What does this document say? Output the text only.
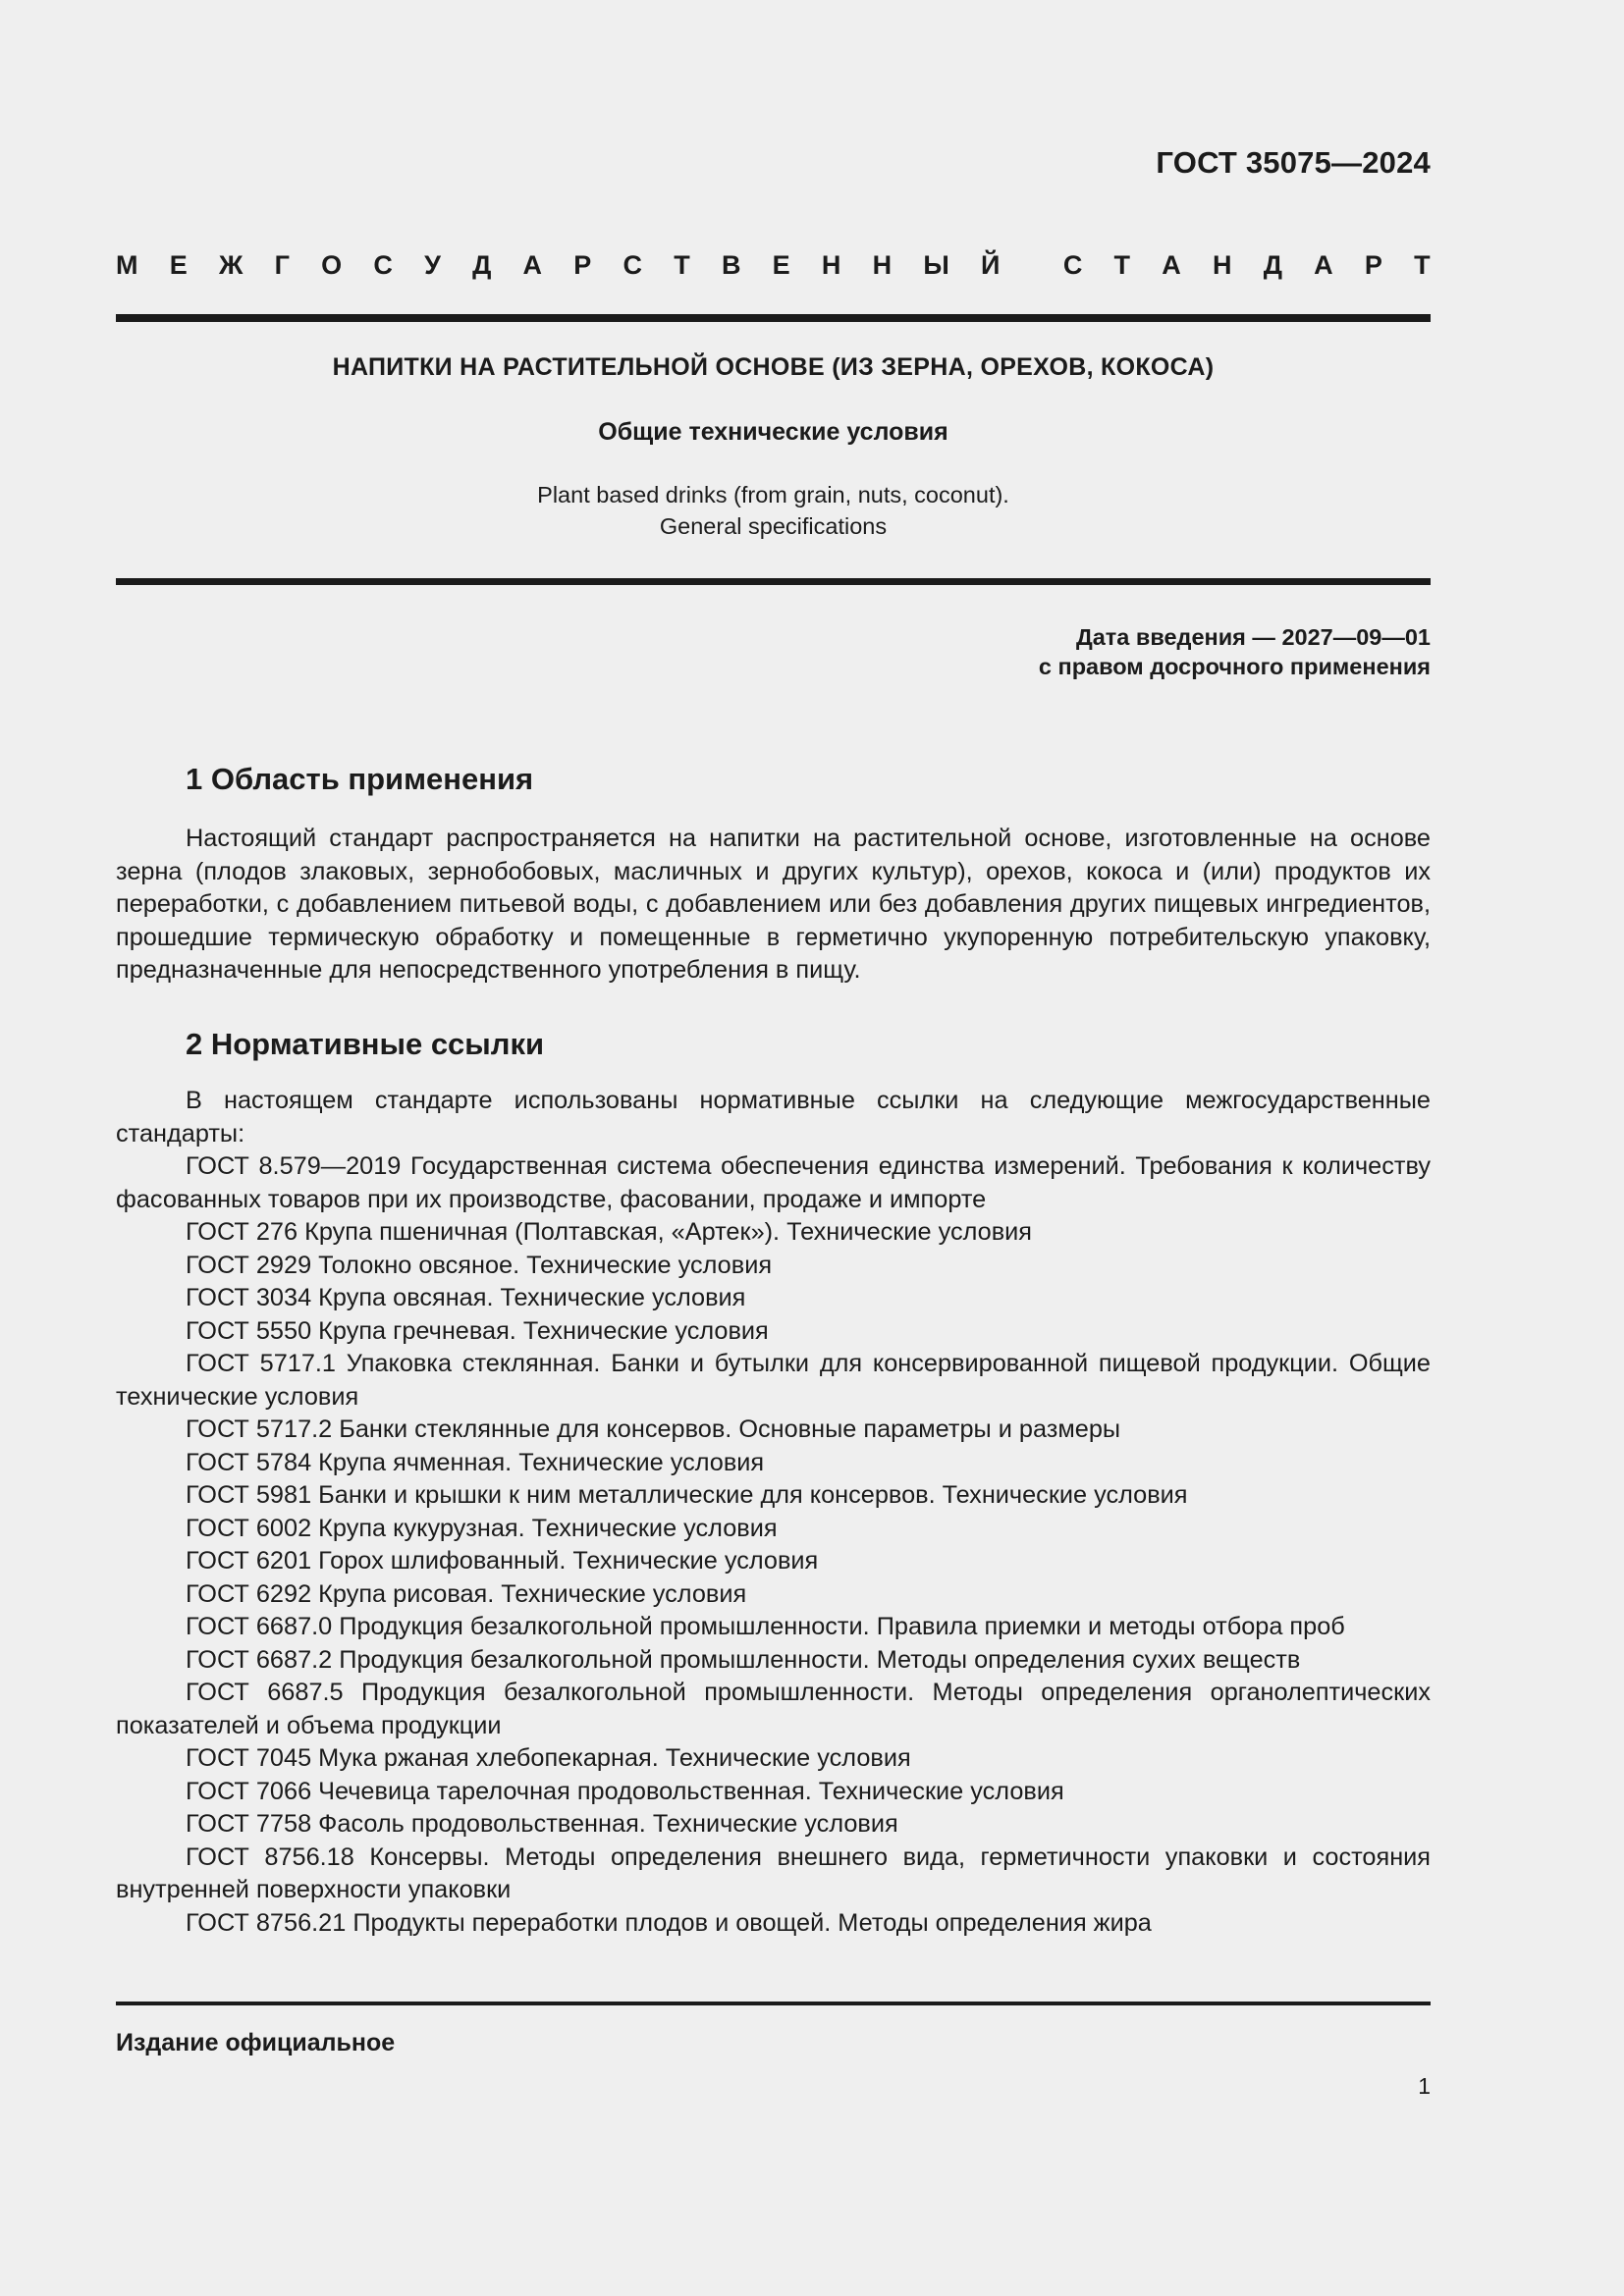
ГОСТ 35075—2024
М Е Ж Г О С У Д А Р С Т В Е Н Н Ы Й С Т А Н Д А Р Т
НАПИТКИ НА РАСТИТЕЛЬНОЙ ОСНОВЕ (ИЗ ЗЕРНА, ОРЕХОВ, КОКОСА)
Общие технические условия
Plant based drinks (from grain, nuts, coconut).
General specifications
Дата введения — 2027—09—01
с правом досрочного применения
1 Область применения
Настоящий стандарт распространяется на напитки на растительной основе, изготовленные на основе зерна (плодов злаковых, зернобобовых, масличных и других культур), орехов, кокоса и (или) продуктов их переработки, с добавлением питьевой воды, с добавлением или без добавления других пищевых ингредиентов, прошедшие термическую обработку и помещенные в герметично укупоренную потребительскую упаковку, предназначенные для непосредственного употребления в пищу.
2 Нормативные ссылки
В настоящем стандарте использованы нормативные ссылки на следующие межгосударственные стандарты:
ГОСТ 8.579—2019 Государственная система обеспечения единства измерений. Требования к количеству фасованных товаров при их производстве, фасовании, продаже и импорте
ГОСТ 276 Крупа пшеничная (Полтавская, «Артек»). Технические условия
ГОСТ 2929 Толокно овсяное. Технические условия
ГОСТ 3034 Крупа овсяная. Технические условия
ГОСТ 5550 Крупа гречневая. Технические условия
ГОСТ 5717.1 Упаковка стеклянная. Банки и бутылки для консервированной пищевой продукции. Общие технические условия
ГОСТ 5717.2 Банки стеклянные для консервов. Основные параметры и размеры
ГОСТ 5784 Крупа ячменная. Технические условия
ГОСТ 5981 Банки и крышки к ним металлические для консервов. Технические условия
ГОСТ 6002 Крупа кукурузная. Технические условия
ГОСТ 6201 Горох шлифованный. Технические условия
ГОСТ 6292 Крупа рисовая. Технические условия
ГОСТ 6687.0 Продукция безалкогольной промышленности. Правила приемки и методы отбора проб
ГОСТ 6687.2 Продукция безалкогольной промышленности. Методы определения сухих веществ
ГОСТ 6687.5 Продукция безалкогольной промышленности. Методы определения органолептических показателей и объема продукции
ГОСТ 7045 Мука ржаная хлебопекарная. Технические условия
ГОСТ 7066 Чечевица тарелочная продовольственная. Технические условия
ГОСТ 7758 Фасоль продовольственная. Технические условия
ГОСТ 8756.18 Консервы. Методы определения внешнего вида, герметичности упаковки и состояния внутренней поверхности упаковки
ГОСТ 8756.21 Продукты переработки плодов и овощей. Методы определения жира
Издание официальное
1
